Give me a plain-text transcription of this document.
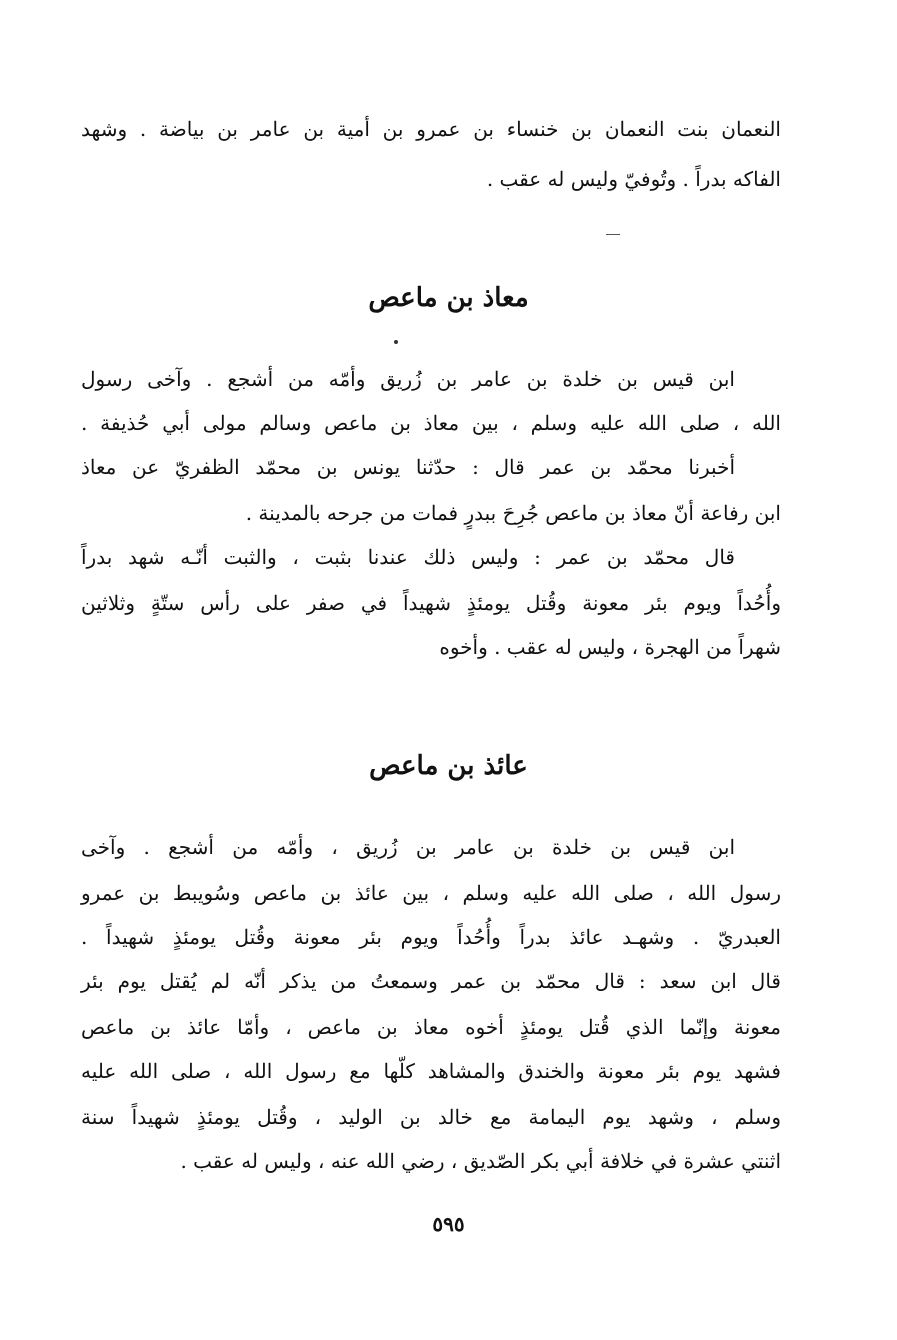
النعمان بنت النعمان بن خنساء بن عمرو بن أمية بن عامر بن بياضة . وشهد
الفاكه بدراً . وتُوفيّ وليس له عقب .
معاذ بن ماعص
ابن قيس بن خلدة بن عامر بن زُريق وأمّه من أشجع . وآخى رسول
الله ، صلى الله عليه وسلم ، بين معاذ بن ماعص وسالم مولى أبي حُذيفة .
أخبرنا محمّد بن عمر قال : حدّثنا يونس بن محمّد الظفريّ عن معاذ
ابن رفاعة أنّ معاذ بن ماعص جُرِحَ ببدرٍ فمات من جرحه بالمدينة .
قال محمّد بن عمر : وليس ذلك عندنا بثبت ، والثبت أنّـه شهد بدراً
وأُحُداً ويوم بئر معونة وقُتل يومئذٍ شهيداً في صفر على رأس ستّةٍ وثلاثين
شهراً من الهجرة ، وليس له عقب . وأخوه
عائذ بن ماعص
ابن قيس بن خلدة بن عامر بن زُريق ، وأمّه من أشجع . وآخى
رسول الله ، صلى الله عليه وسلم ، بين عائذ بن ماعص وسُويبط بن عمرو
العبدريّ . وشهـد عائذ بدراً وأُحُداً ويوم بئر معونة وقُتل يومئذٍ شهيداً .
قال ابن سعد : قال محمّد بن عمر وسمعتُ من يذكر أنّه لم يُقتل يوم بئر
معونة وإنّما الذي قُتل يومئذٍ أخوه معاذ بن ماعص ، وأمّا عائذ بن ماعص
فشهد يوم بئر معونة والخندق والمشاهد كلّها مع رسول الله ، صلى الله عليه
وسلم ، وشهد يوم اليمامة مع خالد بن الوليد ، وقُتل يومئذٍ شهيداً سنة
اثنتي عشرة في خلافة أبي بكر الصّديق ، رضي الله عنه ، وليس له عقب .
٥٩٥
